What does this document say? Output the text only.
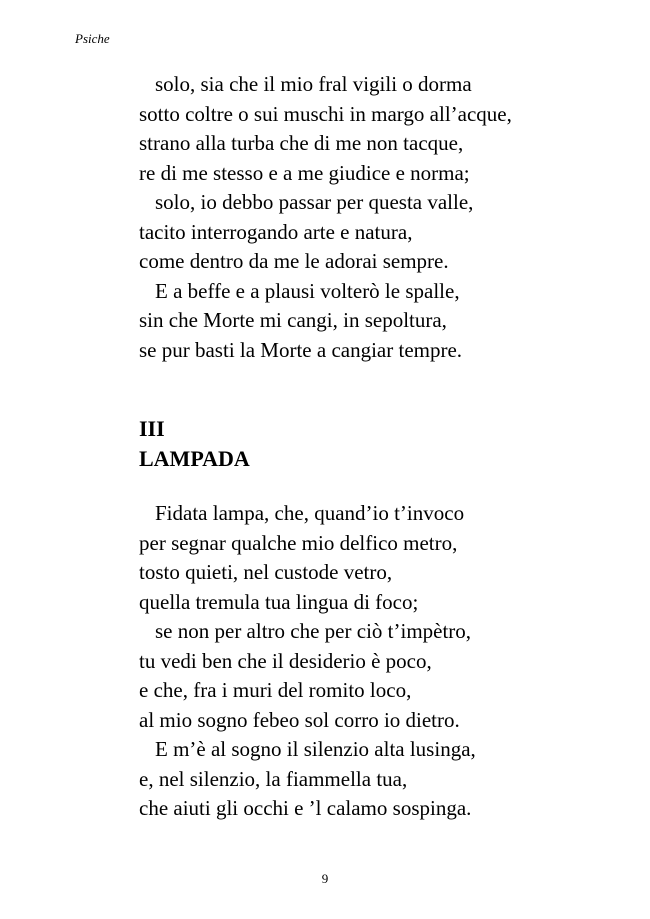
Psiche
solo, sia che il mio fral vigili o dorma
sotto coltre o sui muschi in margo all’acque,
strano alla turba che di me non tacque,
re di me stesso e a me giudice e norma;
solo, io debbo passar per questa valle,
tacito interrogando arte e natura,
come dentro da me le adorai sempre.
E a beffe e a plausi volterò le spalle,
sin che Morte mi cangi, in sepoltura,
se pur basti la Morte a cangiar tempre.
III
LAMPADA
Fidata lampa, che, quand’io t’invoco
per segnar qualche mio delfico metro,
tosto quieti, nel custode vetro,
quella tremula tua lingua di foco;
se non per altro che per ciò t’impètro,
tu vedi ben che il desiderio è poco,
e che, fra i muri del romito loco,
al mio sogno febeo sol corro io dietro.
E m’è al sogno il silenzio alta lusinga,
e, nel silenzio, la fiammella tua,
che aiuti gli occhi e ’l calamo sospinga.
9
